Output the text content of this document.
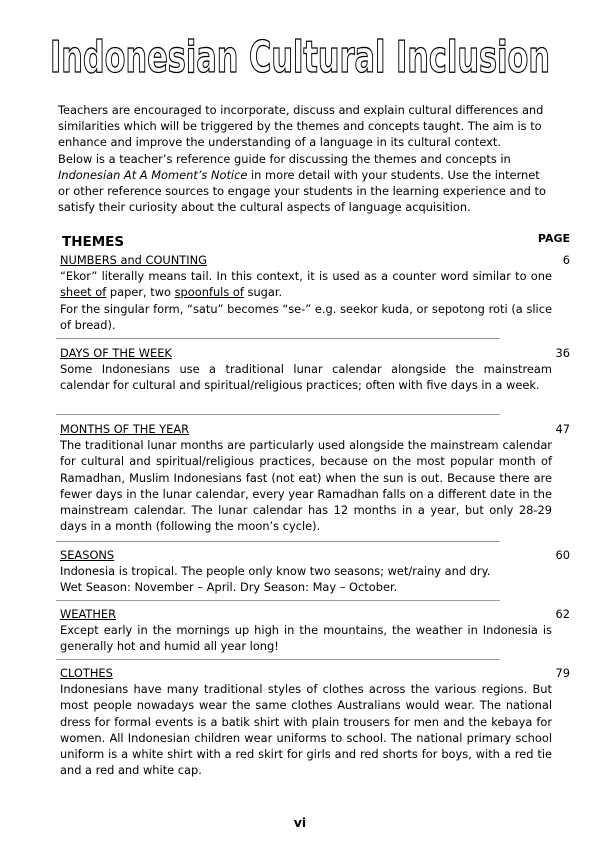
Indonesian Cultural Inclusion

Teachers are encouraged to incorporate, discuss and explain cultural differences and similarities which will be triggered by the themes and concepts taught. The aim is to enhance and improve the understanding of a language in its cultural context.

Below is a teacher’s reference guide for discussing the themes and concepts in Indonesian At A Moment’s Notice in more detail with your students. Use the internet or other reference sources to engage your students in the learning experience and to satisfy their curiosity about the cultural aspects of language acquisition.

THEMES	PAGE
NUMBERS and COUNTING	6

“Ekor” literally means tail. In this context, it is used as a counter word similar to one sheet of paper, two spoonfuls of sugar.

For the singular form, “satu” becomes “se-” e.g. seekor kuda, or sepotong roti (a slice of bread).

DAYS OF THE WEEK	36
Some Indonesians use a traditional lunar calendar alongside the mainstream calendar for cultural and spiritual/religious practices; often with five days in a week.
MONTHS OF THE YEAR	47
The traditional lunar months are particularly used alongside the mainstream calendar for cultural and spiritual/religious practices, because on the most popular month of Ramadhan, Muslim Indonesians fast (not eat) when the sun is out. Because there are fewer days in the lunar calendar, every year Ramadhan falls on a different date in the mainstream calendar. The lunar calendar has 12 months in a year, but only 28-29 days in a month (following the moon’s cycle).
SEASONS	60

Indonesia is tropical. The people only know two seasons; wet/rainy and dry.

Wet Season: November – April. Dry Season: May – October.

WEATHER	62
Except early in the mornings up high in the mountains, the weather in Indonesia is generally hot and humid all year long!
CLOTHES	79
Indonesians have many traditional styles of clothes across the various regions. But most people nowadays wear the same clothes Australians would wear. The national dress for formal events is a batik shirt with plain trousers for men and the kebaya for women. All Indonesian children wear uniforms to school. The national primary school uniform is a white shirt with a red skirt for girls and red shorts for boys, with a red tie and a red and white cap.
vi
